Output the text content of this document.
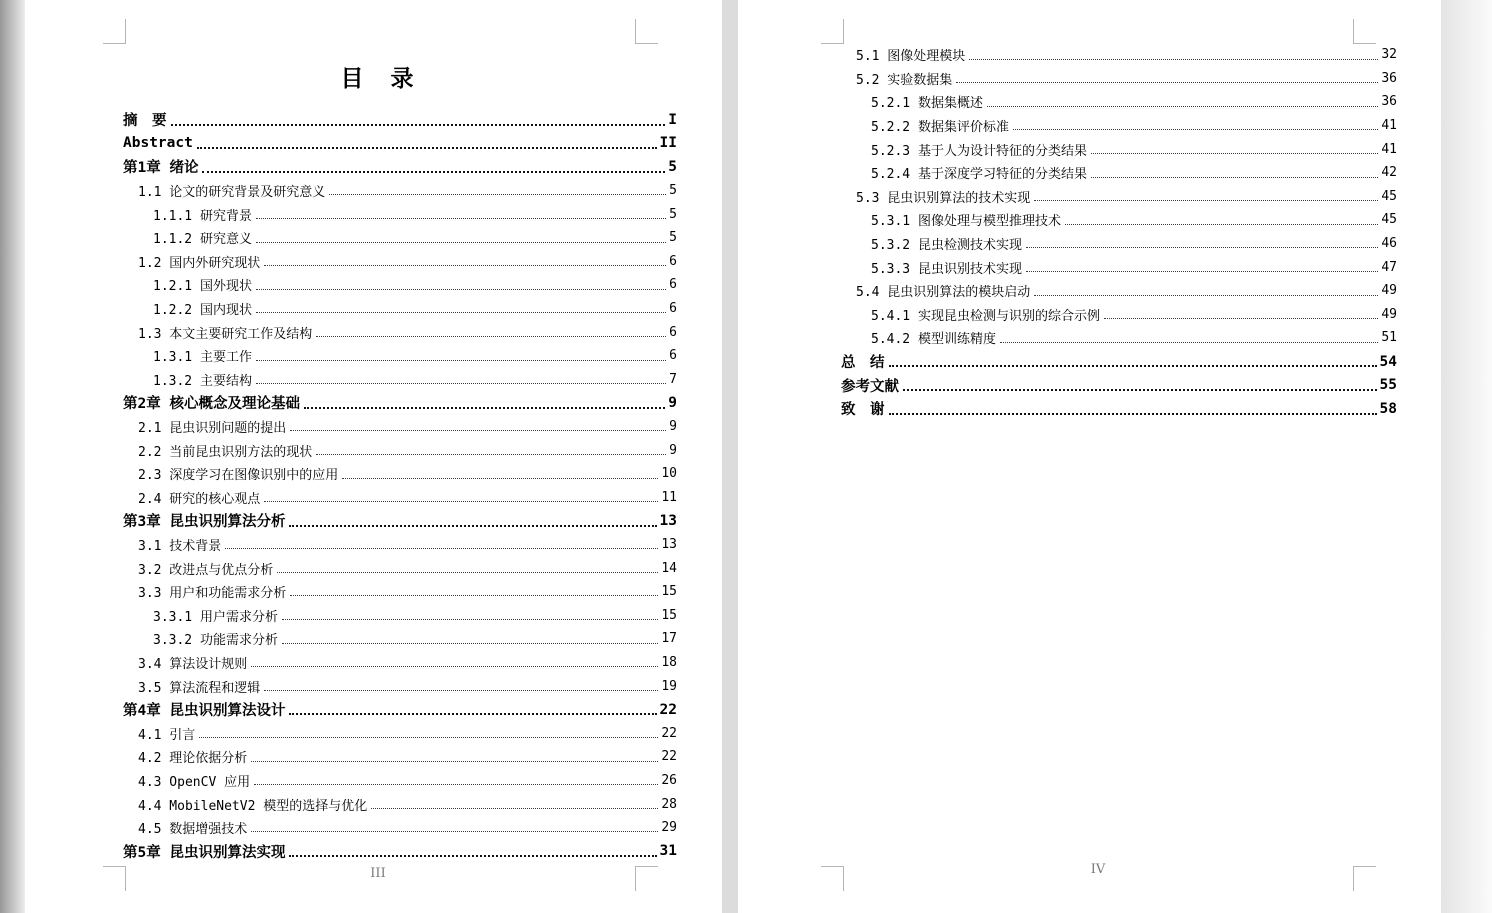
目　录
摘　要	I
Abstract	II
第1章 绪论	5
1.1 论文的研究背景及研究意义	5
1.1.1 研究背景	5
1.1.2 研究意义	5
1.2 国内外研究现状	6
1.2.1 国外现状	6
1.2.2 国内现状	6
1.3 本文主要研究工作及结构	6
1.3.1 主要工作	6
1.3.2 主要结构	7
第2章 核心概念及理论基础	9
2.1 昆虫识别问题的提出	9
2.2 当前昆虫识别方法的现状	9
2.3 深度学习在图像识别中的应用	10
2.4 研究的核心观点	11
第3章 昆虫识别算法分析	13
3.1 技术背景	13
3.2 改进点与优点分析	14
3.3 用户和功能需求分析	15
3.3.1 用户需求分析	15
3.3.2 功能需求分析	17
3.4 算法设计规则	18
3.5 算法流程和逻辑	19
第4章 昆虫识别算法设计	22
4.1 引言	22
4.2 理论依据分析	22
4.3 OpenCV 应用	26
4.4 MobileNetV2 模型的选择与优化	28
4.5 数据增强技术	29
第5章 昆虫识别算法实现	31
III
5.1 图像处理模块	32
5.2 实验数据集	36
5.2.1 数据集概述	36
5.2.2 数据集评价标准	41
5.2.3 基于人为设计特征的分类结果	41
5.2.4 基于深度学习特征的分类结果	42
5.3 昆虫识别算法的技术实现	45
5.3.1 图像处理与模型推理技术	45
5.3.2 昆虫检测技术实现	46
5.3.3 昆虫识别技术实现	47
5.4 昆虫识别算法的模块启动	49
5.4.1 实现昆虫检测与识别的综合示例	49
5.4.2 模型训练精度	51
总　结	54
参考文献	55
致　谢	58
IV
